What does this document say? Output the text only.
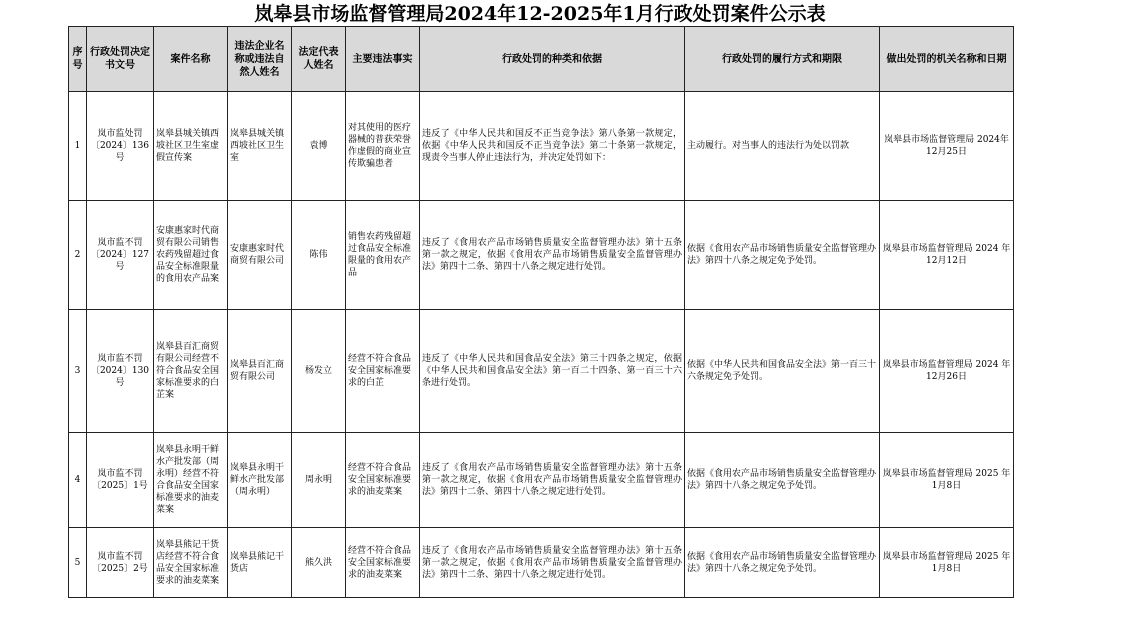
岚皋县市场监督管理局2024年12-2025年1月行政处罚案件公示表
序号	行政处罚决定书文号	案件名称	违法企业名称或违法自然人姓名	法定代表人姓名	主要违法事实	行政处罚的种类和依据	行政处罚的履行方式和期限	做出处罚的机关名称和日期
1	岚市监处罚〔2024〕136号	岚皋县城关镇西坡社区卫生室虚假宣传案	岚皋县城关镇西坡社区卫生室	袁博	对其使用的医疗器械的普获荣誉作虚假的商业宣传欺骗患者	违反了《中华人民共和国反不正当竞争法》第八条第一款规定，依据《中华人民共和国反不正当竞争法》第二十条第一款规定，现责令当事人停止违法行为，并决定处罚如下：	主动履行。对当事人的违法行为处以罚款	岚皋县市场监督管理局 2024年12月25日
2	岚市监不罚〔2024〕127号	安康惠家时代商贸有限公司销售农药残留超过食品安全标准限量的食用农产品案	安康惠家时代商贸有限公司	陈伟	销售农药残留超过食品安全标准限量的食用农产品	违反了《食用农产品市场销售质量安全监督管理办法》第十五条第一款之规定，依据《食用农产品市场销售质量安全监督管理办法》第四十二条、第四十八条之规定进行处罚。	依据《食用农产品市场销售质量安全监督管理办法》第四十八条之规定免予处罚。	岚皋县市场监督管理局 2024 年12月12日
3	岚市监不罚〔2024〕130号	岚皋县百汇商贸有限公司经营不符合食品安全国家标准要求的白芷案	岚皋县百汇商贸有限公司	杨发立	经营不符合食品安全国家标准要求的白芷	违反了《中华人民共和国食品安全法》第三十四条之规定，依据《中华人民共和国食品安全法》第一百二十四条、第一百三十六条进行处罚。	依据《中华人民共和国食品安全法》第一百三十六条规定免予处罚。	岚皋县市场监督管理局 2024 年12月26日
4	岚市监不罚〔2025〕1号	岚皋县永明干鲜水产批发部（周永明）经营不符合食品安全国家标准要求的油麦菜案	岚皋县永明干鲜水产批发部（周永明）	周永明	经营不符合食品安全国家标准要求的油麦菜案	违反了《食用农产品市场销售质量安全监督管理办法》第十五条第一款之规定，依据《食用农产品市场销售质量安全监督管理办法》第四十二条、第四十八条之规定进行处罚。	依据《食用农产品市场销售质量安全监督管理办法》第四十八条之规定免予处罚。	岚皋县市场监督管理局 2025 年1月8日
5	岚市监不罚〔2025〕2号	岚皋县熊记干货店经营不符合食品安全国家标准要求的油麦菜案	岚皋县熊记干货店	熊久洪	经营不符合食品安全国家标准要求的油麦菜案	违反了《食用农产品市场销售质量安全监督管理办法》第十五条第一款之规定，依据《食用农产品市场销售质量安全监督管理办法》第四十二条、第四十八条之规定进行处罚。	依据《食用农产品市场销售质量安全监督管理办法》第四十八条之规定免予处罚。	岚皋县市场监督管理局 2025 年1月8日
